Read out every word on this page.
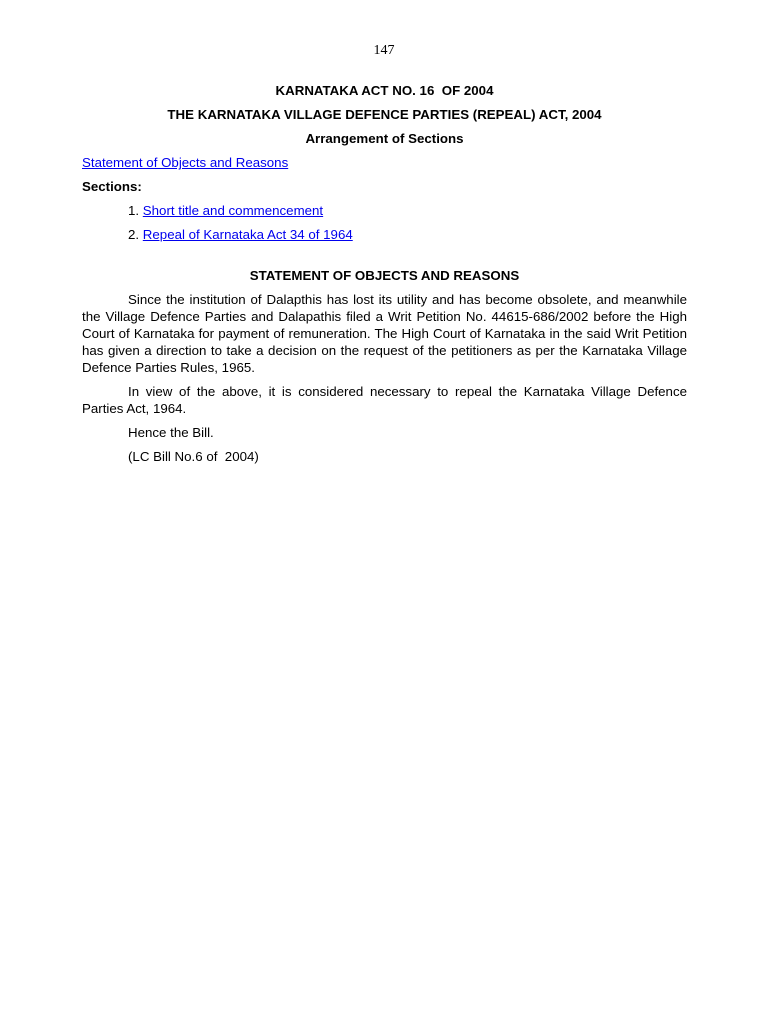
147

KARNATAKA ACT NO. 16  OF 2004

THE KARNATAKA VILLAGE DEFENCE PARTIES (REPEAL) ACT, 2004

Arrangement of Sections

Statement of Objects and Reasons

Sections:

1. Short title and commencement

2. Repeal of Karnataka Act 34 of 1964

STATEMENT OF OBJECTS AND REASONS

Since the institution of Dalapthis has lost its utility and has become obsolete, and meanwhile the Village Defence Parties and Dalapathis filed a Writ Petition No. 44615-686/2002 before the High Court of Karnataka for payment of remuneration. The High Court of Karnataka in the said Writ Petition has given a direction to take a decision on the request of the petitioners as per the Karnataka Village Defence Parties Rules, 1965.

In view of the above, it is considered necessary to repeal the Karnataka Village Defence Parties Act, 1964.

Hence the Bill.

(LC Bill No.6 of  2004)
